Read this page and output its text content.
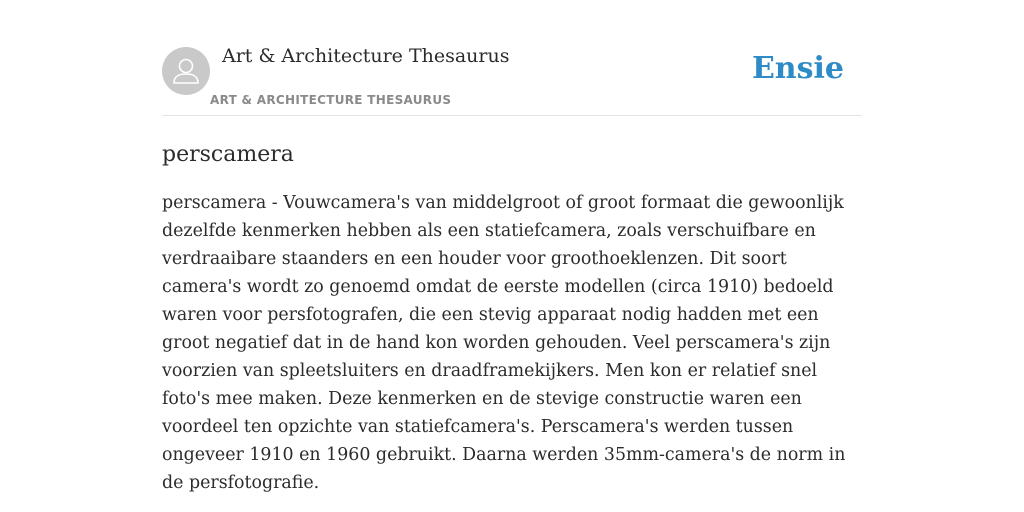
Art & Architecture Thesaurus
ART & ARCHITECTURE THESAURUS
Ensie
perscamera

perscamera - Vouwcamera's van middelgroot of groot formaat die gewoonlijk dezelfde kenmerken hebben als een statiefcamera, zoals verschuifbare en verdraaibare staanders en een houder voor groothoeklenzen. Dit soort camera's wordt zo genoemd omdat de eerste modellen (circa 1910) bedoeld waren voor persfotografen, die een stevig apparaat nodig hadden met een groot negatief dat in de hand kon worden gehouden. Veel perscamera's zijn voorzien van spleetsluiters en draadframekijkers. Men kon er relatief snel foto's mee maken. Deze kenmerken en de stevige constructie waren een voordeel ten opzichte van statiefcamera's. Perscamera's werden tussen ongeveer 1910 en 1960 gebruikt. Daarna werden 35mm-camera's de norm in de persfotografie.
